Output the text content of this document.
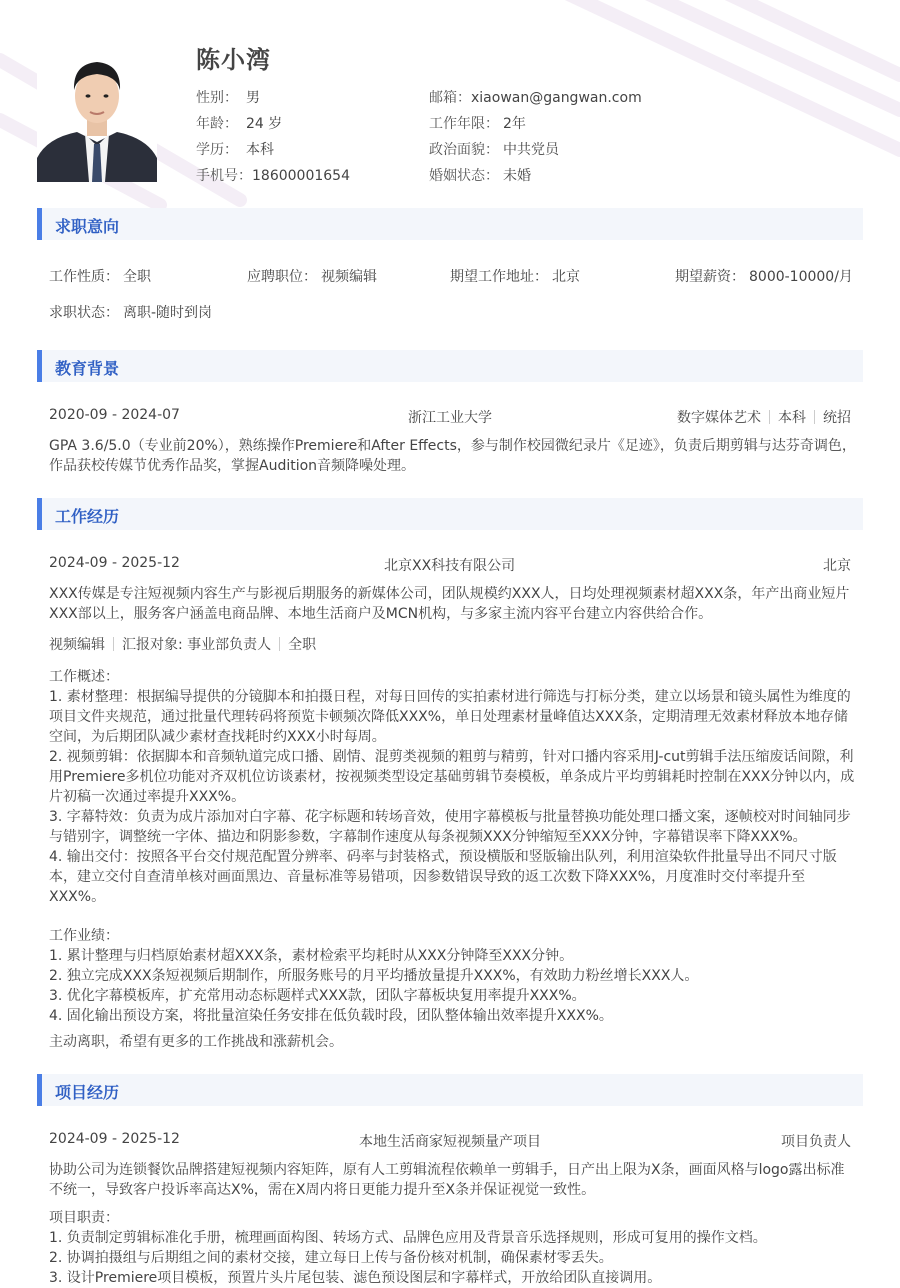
陈小湾
性别： 男
年龄： 24 岁
学历： 本科
手机号：18600001654
邮箱：xiaowan@gangwan.com
工作年限： 2年
政治面貌： 中共党员
婚姻状态： 未婚
求职意向
工作性质： 全职	应聘职位： 视频编辑	期望工作地址： 北京	期望薪资： 8000-10000/月
求职状态： 离职-随时到岗
教育背景
2020-09 - 2024-07	浙江工业大学	数字媒体艺术 本科 统招
GPA 3.6/5.0（专业前20%），熟练操作Premiere和After Effects，参与制作校园微纪录片《足迹》，负责后期剪辑与达芬奇调色，作品获校传媒节优秀作品奖，掌握Audition音频降噪处理。
工作经历
2024-09 - 2025-12	北京XX科技有限公司	北京
XXX传媒是专注短视频内容生产与影视后期服务的新媒体公司，团队规模约XXX人，日均处理视频素材超XXX条，年产出商业短片XXX部以上，服务客户涵盖电商品牌、本地生活商户及MCN机构，与多家主流内容平台建立内容供给合作。
视频编辑 汇报对象: 事业部负责人 全职
工作概述：
1. 素材整理：根据编导提供的分镜脚本和拍摄日程，对每日回传的实拍素材进行筛选与打标分类，建立以场景和镜头属性为维度的项目文件夹规范，通过批量代理转码将预览卡顿频次降低XXX%，单日处理素材量峰值达XXX条，定期清理无效素材释放本地存储空间，为后期团队减少素材查找耗时约XXX小时每周。
2. 视频剪辑：依据脚本和音频轨道完成口播、剧情、混剪类视频的粗剪与精剪，针对口播内容采用J-cut剪辑手法压缩废话间隙，利用Premiere多机位功能对齐双机位访谈素材，按视频类型设定基础剪辑节奏模板，单条成片平均剪辑耗时控制在XXX分钟以内，成片初稿一次通过率提升XXX%。
3. 字幕特效：负责为成片添加对白字幕、花字标题和转场音效，使用字幕模板与批量替换功能处理口播文案，逐帧校对时间轴同步与错别字，调整统一字体、描边和阴影参数，字幕制作速度从每条视频XXX分钟缩短至XXX分钟，字幕错误率下降XXX%。
4. 输出交付：按照各平台交付规范配置分辨率、码率与封装格式，预设横版和竖版输出队列，利用渲染软件批量导出不同尺寸版本，建立交付自查清单核对画面黑边、音量标准等易错项，因参数错误导致的返工次数下降XXX%，月度准时交付率提升至XXX%。
工作业绩：
1. 累计整理与归档原始素材超XXX条，素材检索平均耗时从XXX分钟降至XXX分钟。
2. 独立完成XXX条短视频后期制作，所服务账号的月平均播放量提升XXX%，有效助力粉丝增长XXX人。
3. 优化字幕模板库，扩充常用动态标题样式XXX款，团队字幕板块复用率提升XXX%。
4. 固化输出预设方案，将批量渲染任务安排在低负载时段，团队整体输出效率提升XXX%。
主动离职，希望有更多的工作挑战和涨薪机会。
项目经历
2024-09 - 2025-12	本地生活商家短视频量产项目	项目负责人
协助公司为连锁餐饮品牌搭建短视频内容矩阵，原有人工剪辑流程依赖单一剪辑手，日产出上限为X条，画面风格与logo露出标准不统一，导致客户投诉率高达X%，需在X周内将日更能力提升至X条并保证视觉一致性。
项目职责：
1. 负责制定剪辑标准化手册，梳理画面构图、转场方式、品牌色应用及背景音乐选择规则，形成可复用的操作文档。
2. 协调拍摄组与后期组之间的素材交接，建立每日上传与备份核对机制，确保素材零丢失。
3. 设计Premiere项目模板，预置片头片尾包装、滤色预设图层和字幕样式，开放给团队直接调用。
